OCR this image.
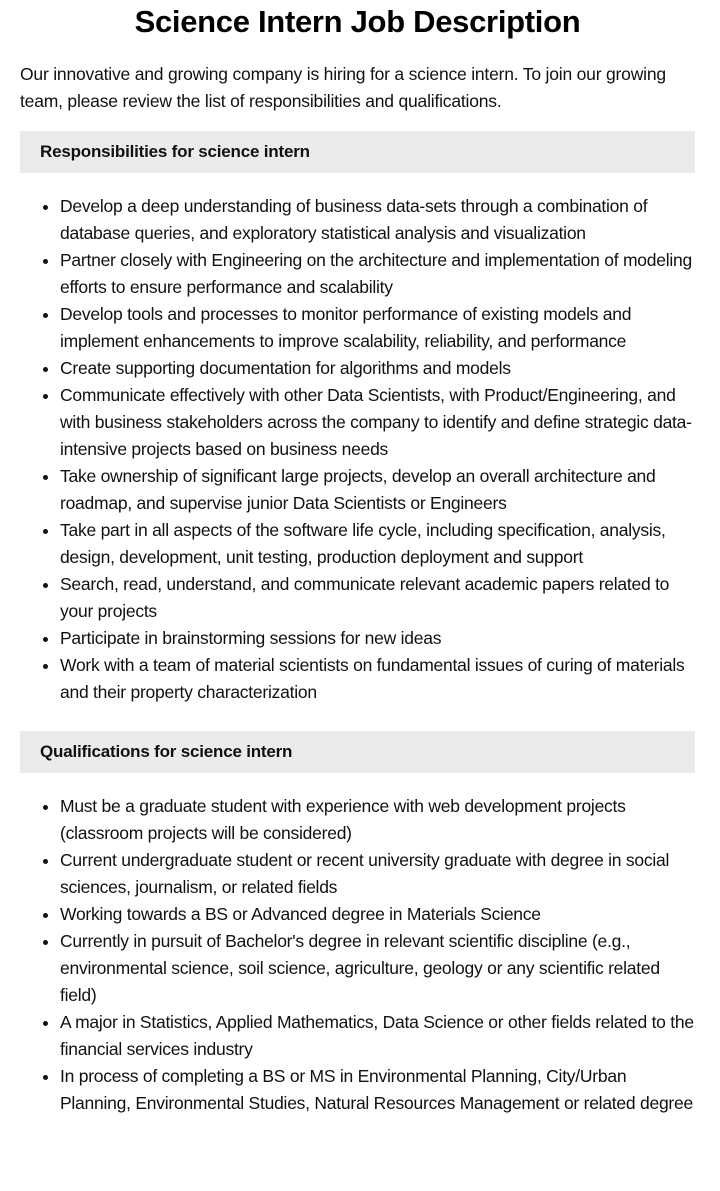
Science Intern Job Description

Our innovative and growing company is hiring for a science intern. To join our growing team, please review the list of responsibilities and qualifications.

Responsibilities for science intern
• Develop a deep understanding of business data-sets through a combination of database queries, and exploratory statistical analysis and visualization
• Partner closely with Engineering on the architecture and implementation of modeling efforts to ensure performance and scalability
• Develop tools and processes to monitor performance of existing models and implement enhancements to improve scalability, reliability, and performance
• Create supporting documentation for algorithms and models
• Communicate effectively with other Data Scientists, with Product/Engineering, and with business stakeholders across the company to identify and define strategic data-intensive projects based on business needs
• Take ownership of significant large projects, develop an overall architecture and roadmap, and supervise junior Data Scientists or Engineers
• Take part in all aspects of the software life cycle, including specification, analysis, design, development, unit testing, production deployment and support
• Search, read, understand, and communicate relevant academic papers related to your projects
• Participate in brainstorming sessions for new ideas
• Work with a team of material scientists on fundamental issues of curing of materials and their property characterization
Qualifications for science intern
• Must be a graduate student with experience with web development projects (classroom projects will be considered)
• Current undergraduate student or recent university graduate with degree in social sciences, journalism, or related fields
• Working towards a BS or Advanced degree in Materials Science
• Currently in pursuit of Bachelor's degree in relevant scientific discipline (e.g., environmental science, soil science, agriculture, geology or any scientific related field)
• A major in Statistics, Applied Mathematics, Data Science or other fields related to the financial services industry
• In process of completing a BS or MS in Environmental Planning, City/Urban Planning, Environmental Studies, Natural Resources Management or related degree
